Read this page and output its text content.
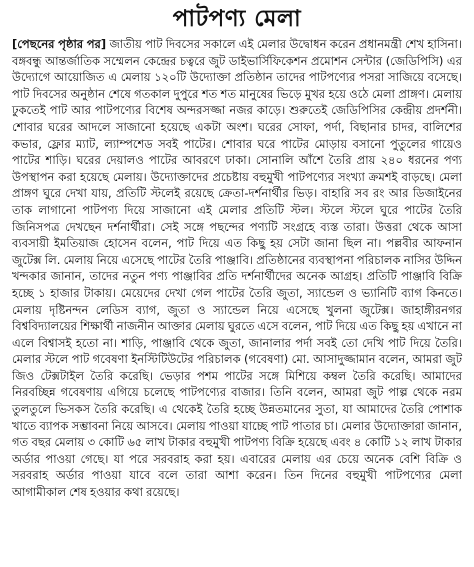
পাটপণ্য মেলা

[পেছনের পৃষ্ঠার পর] জাতীয় পাট দিবসের সকালে এই মেলার উদ্বোধন করেন প্রধানমন্ত্রী শেখ হাসিনা। বঙ্গবন্ধু আন্তর্জাতিক সম্মেলন কেন্দ্রের চত্বরে জুট ডাইভার্সিফিকেশন প্রমোশন সেন্টার (জেডিপিসি) এর উদ্যোগে আয়োজিত এ মেলায় ১২০টি উদ্যোক্তা প্রতিষ্ঠান তাদের পাটপণ্যের পসরা সাজিয়ে বসেছে। পাট দিবসের অনুষ্ঠান শেষে গতকাল দুপুরে শত শত মানুষের ভিড়ে মুখর হয়ে ওঠে মেলা প্রাঙ্গণ। মেলায় ঢুকতেই পাট আর পাটপণ্যের বিশেষ অন্দরসজ্জা নজর কাড়ে। শুরুতেই জেডিপিসির কেন্দ্রীয় প্রদর্শনী। শোবার ঘরের আদলে সাজানো হয়েছে একটা অংশ। ঘরের সোফা, পর্দা, বিছানার চাদর, বালিশের কভার, ফ্লোর ম্যাট, ল্যাম্পশেড সবই পাটের। শোবার ঘরে পাটের মোড়ায় বসানো পুতুলের গায়েও পাটের শাড়ি। ঘরের দেয়ালও পাটের আবরণে ঢাকা। সোনালি আঁশে তৈরি প্রায় ২৪০ ধরনের পণ্য উপস্থাপন করা হয়েছে মেলায়। উদ্যোক্তাদের প্রচেষ্টায় বহুমুখী পাটপণ্যের সংখ্যা ক্রমশই বাড়ছে। মেলা প্রাঙ্গণ ঘুরে দেখা যায়, প্রতিটি স্টলেই রয়েছে ক্রেতা-দর্শনার্থীর ভিড়। বাহারি সব রং আর ডিজাইনের তাক লাগানো পাটপণ্য দিয়ে সাজানো এই মেলার প্রতিটি স্টল। স্টলে স্টলে ঘুরে পাটের তৈরি জিনিসপত্র দেখছেন দর্শনার্থীরা। সেই সঙ্গে পছন্দের পণ্যটি সংগ্রহে ব্যস্ত তারা। উত্তরা থেকে আসা ব্যবসায়ী ইমতিয়াজ হোসেন বলেন, পাট দিয়ে এত কিছু হয় সেটা জানা ছিল না। পল্লবীর আফনান জুটেক্স লি. মেলায় নিয়ে এসেছে পাটের তৈরি পাঞ্জাবি। প্রতিষ্ঠানের ব্যবস্থাপনা পরিচালক নাসির উদ্দিন খন্দকার জানান, তাদের নতুন পণ্য পাঞ্জাবির প্রতি দর্শনার্থীদের অনেক আগ্রহ। প্রতিটি পাঞ্জাবি বিক্রি হচ্ছে ১ হাজার টাকায়। মেয়েদের দেখা গেল পাটের তৈরি জুতা, স্যান্ডেল ও ভ্যানিটি ব্যাগ কিনতে। মেলায় দৃষ্টিনন্দন লেডিস ব্যাগ, জুতা ও স্যান্ডেল নিয়ে এসেছে খুলনা জুটেক্স। জাহাঙ্গীরনগর বিশ্ববিদ্যালয়ের শিক্ষার্থী নাজনীন আক্তার মেলায় ঘুরতে এসে বলেন, পাট দিয়ে এত কিছু হয় এখানে না এলে বিশ্বাসই হতো না। শাড়ি, পাঞ্জাবি থেকে জুতা, জানালার পর্দা সবই তো দেখি পাট দিয়ে তৈরি। মেলার স্টলে পাট গবেষণা ইনস্টিটিউটের পরিচালক (গবেষণা) মো. আসাদুজ্জামান বলেন, আমরা জুট জিও টেক্সটাইল তৈরি করেছি। ভেড়ার পশম পাটের সঙ্গে মিশিয়ে কম্বল তৈরি করেছি। আমাদের নিরবচ্ছিন্ন গবেষণায় এগিয়ে চলেছে পাটপণ্যের বাজার। তিনি বলেন, আমরা জুট পাল্প থেকে নরম তুলতুলে ভিসকস তৈরি করেছি। এ থেকেই তৈরি হচ্ছে উন্নতমানের সুতা, যা আমাদের তৈরি পোশাক খাতে ব্যাপক সম্ভাবনা নিয়ে আসবে। মেলায় পাওয়া যাচ্ছে পাট পাতার চা। মেলার উদ্যোক্তারা জানান, গত বছর মেলায় ৩ কোটি ৬৫ লাখ টাকার বহুমুখী পাটপণ্য বিক্রি হয়েছে এবং ৪ কোটি ১২ লাখ টাকার অর্ডার পাওয়া গেছে। যা পরে সরবরাহ করা হয়। এবারের মেলায় এর চেয়ে অনেক বেশি বিক্রি ও সরবরাহ অর্ডার পাওয়া যাবে বলে তারা আশা করেন। তিন দিনের বহুমুখী পাটপণ্যের মেলা আগামীকাল শেষ হওয়ার কথা রয়েছে।
